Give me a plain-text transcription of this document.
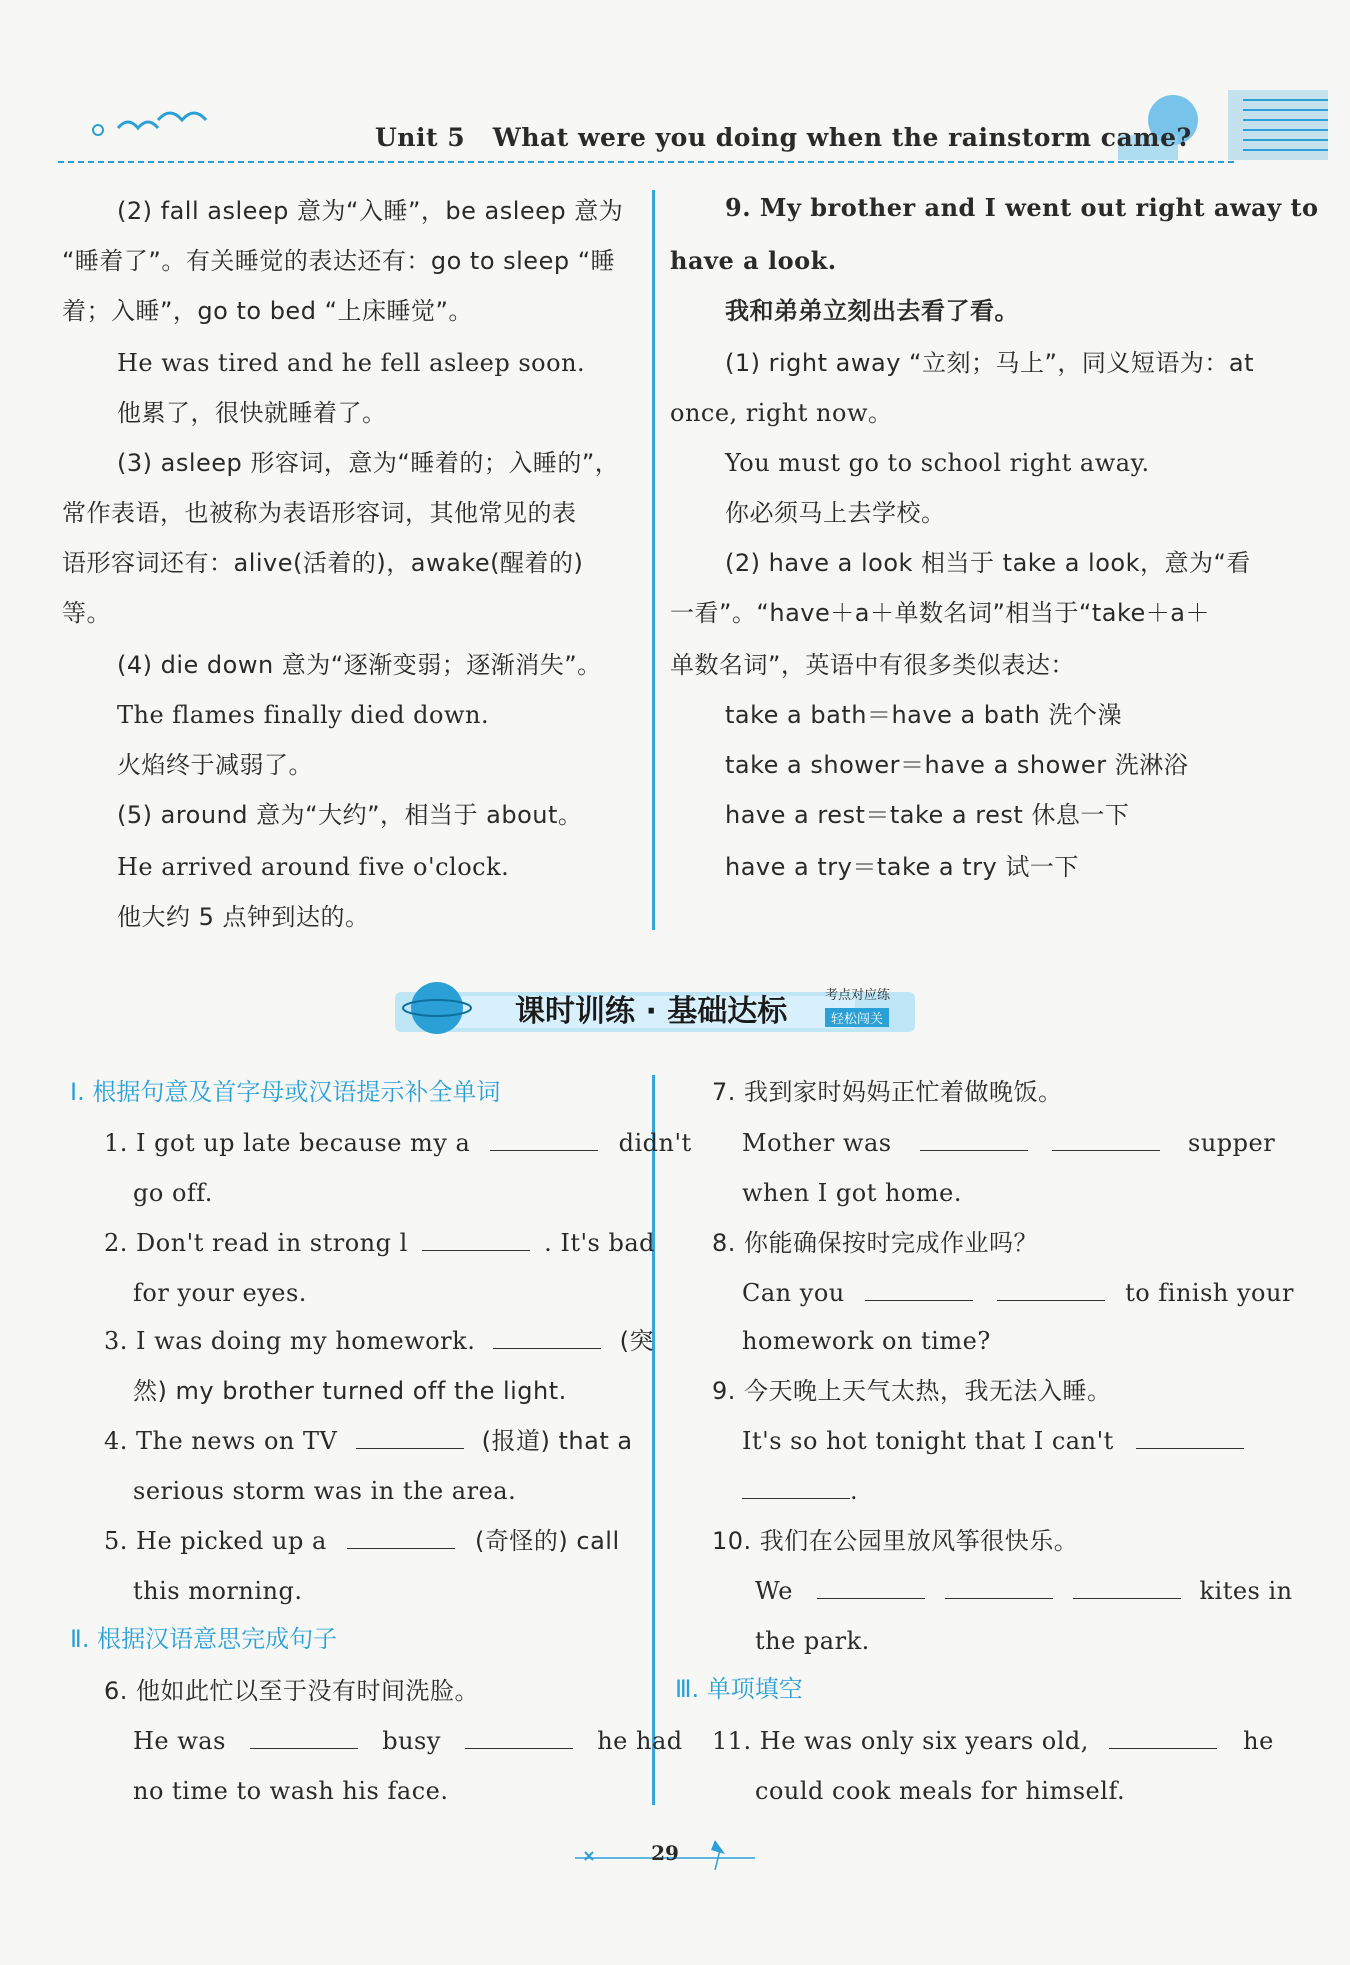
Unit 5 What were you doing when the rainstorm came?
(2) fall asleep 意为“入睡”，be asleep 意为
“睡着了”。有关睡觉的表达还有：go to sleep “睡
着；入睡”，go to bed “上床睡觉”。
He was tired and he fell asleep soon.
他累了，很快就睡着了。
(3) asleep 形容词，意为“睡着的；入睡的”，
常作表语，也被称为表语形容词，其他常见的表
语形容词还有：alive(活着的)，awake(醒着的)
等。
(4) die down 意为“逐渐变弱；逐渐消失”。
The flames finally died down.
火焰终于减弱了。
(5) around 意为“大约”，相当于 about。
He arrived around five o'clock.
他大约 5 点钟到达的。
9. My brother and I went out right away to
have a look.
我和弟弟立刻出去看了看。
(1) right away “立刻；马上”，同义短语为：at
once, right now。
You must go to school right away.
你必须马上去学校。
(2) have a look 相当于 take a look，意为“看
一看”。“have＋a＋单数名词”相当于“take＋a＋
单数名词”，英语中有很多类似表达：
take a bath＝have a bath 洗个澡
take a shower＝have a shower 洗淋浴
have a rest＝take a rest 休息一下
have a try＝take a try 试一下
课时训练 · 基础达标	考点对应练
轻松闯关
Ⅰ. 根据句意及首字母或汉语提示补全单词
1. I got up late because my a	didn't
go off.
2. Don't read in strong l	. It's bad
for your eyes.
3. I was doing my homework.	(突
然) my brother turned off the light.
4. The news on TV	(报道) that a
serious storm was in the area.
5. He picked up a	(奇怪的) call
this morning.
Ⅱ. 根据汉语意思完成句子
6. 他如此忙以至于没有时间洗脸。
He was	busy	he had
no time to wash his face.
7. 我到家时妈妈正忙着做晚饭。
Mother was	supper
when I got home.
8. 你能确保按时完成作业吗？
Can you	to finish your
homework on time?
9. 今天晚上天气太热，我无法入睡。
It's so hot tonight that I can't
.
10. 我们在公园里放风筝很快乐。
We	kites in
the park.
Ⅲ. 单项填空
11. He was only six years old,	he
could cook meals for himself.
29
